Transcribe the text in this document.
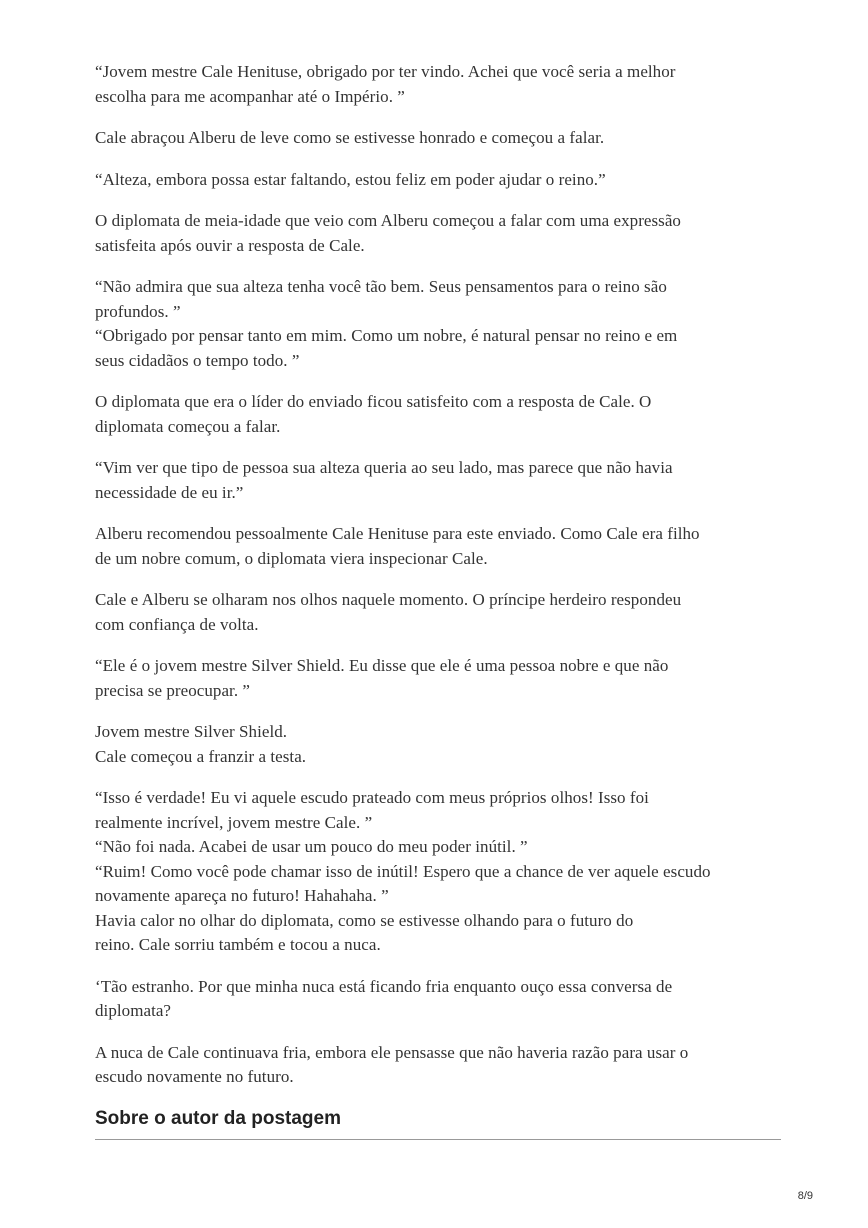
“Jovem mestre Cale Henituse, obrigado por ter vindo. Achei que você seria a melhor
escolha para me acompanhar até o Império. ”

Cale abraçou Alberu de leve como se estivesse honrado e começou a falar.

“Alteza, embora possa estar faltando, estou feliz em poder ajudar o reino.”

O diplomata de meia-idade que veio com Alberu começou a falar com uma expressão
satisfeita após ouvir a resposta de Cale.

“Não admira que sua alteza tenha você tão bem. Seus pensamentos para o reino são
profundos. ”
“Obrigado por pensar tanto em mim. Como um nobre, é natural pensar no reino e em
seus cidadãos o tempo todo. ”

O diplomata que era o líder do enviado ficou satisfeito com a resposta de Cale. O
diplomata começou a falar.

“Vim ver que tipo de pessoa sua alteza queria ao seu lado, mas parece que não havia
necessidade de eu ir.”

Alberu recomendou pessoalmente Cale Henituse para este enviado. Como Cale era filho
de um nobre comum, o diplomata viera inspecionar Cale.

Cale e Alberu se olharam nos olhos naquele momento. O príncipe herdeiro respondeu
com confiança de volta.

“Ele é o jovem mestre Silver Shield. Eu disse que ele é uma pessoa nobre e que não
precisa se preocupar. ”

Jovem mestre Silver Shield.
Cale começou a franzir a testa.

“Isso é verdade! Eu vi aquele escudo prateado com meus próprios olhos! Isso foi
realmente incrível, jovem mestre Cale. ”
“Não foi nada. Acabei de usar um pouco do meu poder inútil. ”
“Ruim! Como você pode chamar isso de inútil! Espero que a chance de ver aquele escudo
novamente apareça no futuro! Hahahaha. ”
Havia calor no olhar do diplomata, como se estivesse olhando para o futuro do
reino. Cale sorriu também e tocou a nuca.

‘Tão estranho. Por que minha nuca está ficando fria enquanto ouço essa conversa de
diplomata?

A nuca de Cale continuava fria, embora ele pensasse que não haveria razão para usar o
escudo novamente no futuro.

Sobre o autor da postagem
8/9
